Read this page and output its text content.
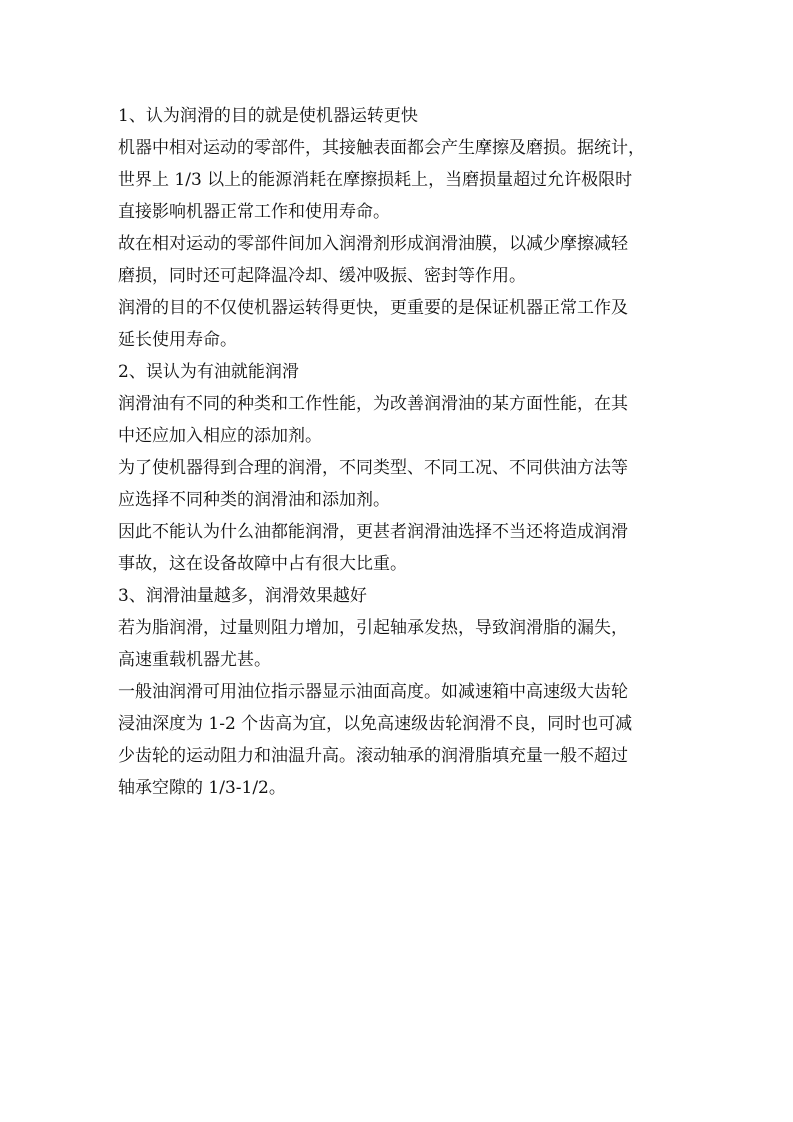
1、认为润滑的目的就是使机器运转更快

机器中相对运动的零部件，其接触表面都会产生摩擦及磨损。据统计，
世界上 1/3 以上的能源消耗在摩擦损耗上，当磨损量超过允许极限时
直接影响机器正常工作和使用寿命。

故在相对运动的零部件间加入润滑剂形成润滑油膜，以减少摩擦减轻
磨损，同时还可起降温冷却、缓冲吸振、密封等作用。

润滑的目的不仅使机器运转得更快，更重要的是保证机器正常工作及
延长使用寿命。

2、误认为有油就能润滑

润滑油有不同的种类和工作性能，为改善润滑油的某方面性能，在其
中还应加入相应的添加剂。

为了使机器得到合理的润滑，不同类型、不同工况、不同供油方法等
应选择不同种类的润滑油和添加剂。

因此不能认为什么油都能润滑，更甚者润滑油选择不当还将造成润滑
事故，这在设备故障中占有很大比重。

3、润滑油量越多，润滑效果越好

若为脂润滑，过量则阻力增加，引起轴承发热，导致润滑脂的漏失，
高速重载机器尤甚。

一般油润滑可用油位指示器显示油面高度。如减速箱中高速级大齿轮
浸油深度为 1-2 个齿高为宜，以免高速级齿轮润滑不良，同时也可减
少齿轮的运动阻力和油温升高。滚动轴承的润滑脂填充量一般不超过
轴承空隙的 1/3-1/2。
